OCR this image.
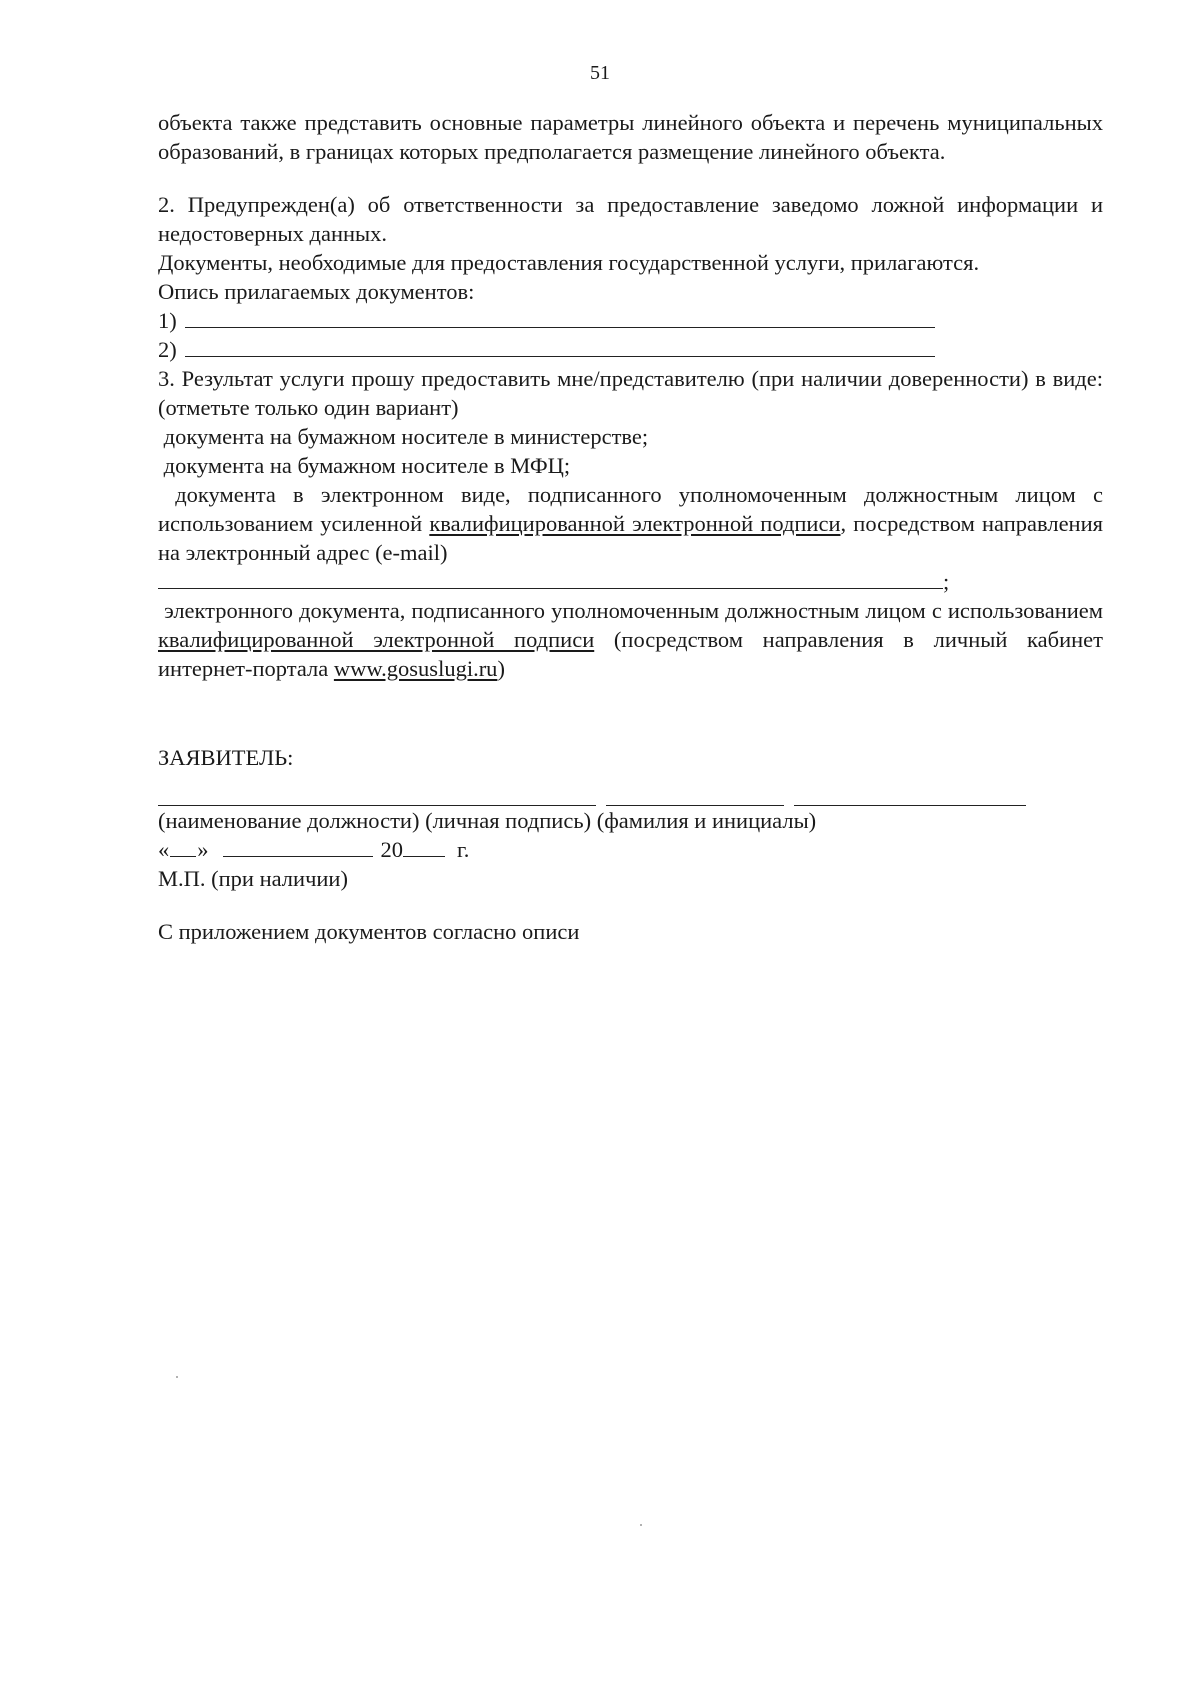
51
объекта также представить основные параметры линейного объекта и перечень муниципальных образований, в границах которых предполагается размещение линейного объекта.
2. Предупрежден(а) об ответственности за предоставление заведомо ложной информации и недостоверных данных.
Документы, необходимые для предоставления государственной услуги, прилагаются.
Опись прилагаемых документов:
1)
2)
3. Результат услуги прошу предоставить мне/представителю (при наличии доверенности) в виде: (отметьте только один вариант)
документа на бумажном носителе в министерстве;
документа на бумажном носителе в МФЦ;
документа в электронном виде, подписанного уполномоченным должностным лицом с использованием усиленной квалифицированной электронной подписи, посредством направления на электронный адрес (e-mail)
;
электронного документа, подписанного уполномоченным должностным лицом с использованием квалифицированной электронной подписи (посредством направления в личный кабинет интернет-портала www.gosuslugi.ru)
ЗАЯВИТЕЛЬ:
(наименование должности) (личная подпись) (фамилия и инициалы)
« »	20 г.
М.П. (при наличии)
С приложением документов согласно описи
